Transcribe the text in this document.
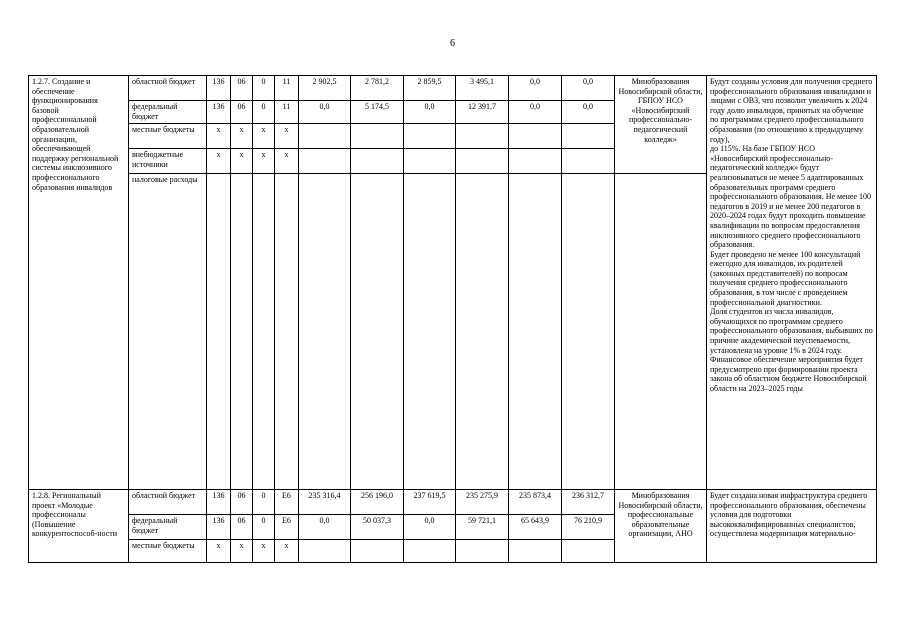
6
1.2.7. Создание и обеспечение функционирования базовой профессиональной образовательной организации, обеспечивающей поддержку региональной системы инклюзивного профессионального образования инвалидов	областной бюджет	136	06	0	11	2 902,5	2 781,2	2 859,5	3 495,1	0,0	0,0	Минобразования Новосибирской области, ГБПОУ НСО «Новосибирский профессионально-педагогический колледж»	Будут созданы условия для получения среднего профессионального образования инвалидами и лицами с ОВЗ, что позволит увеличить к 2024 году долю инвалидов, принятых на обучение по программам среднего профессионального образования (по отношению к предыдущему году),
до 115%. На базе ГБПОУ НСО «Новосибирский профессионально-педагогический колледж» будут реализовываться не менее 5 адаптированных образовательных программ среднего профессионального образования. Не менее 100 педагогов в 2019 и не менее 200 педагогов в 2020–2024 годах будут проходить повышение квалификации по вопросам предоставления инклюзивного среднего профессионального образования.
Будет проведено не менее 100 консультаций ежегодно для инвалидов, их родителей (законных представителей) по вопросам получения среднего профессионального образования, в том числе с проведением профессиональной диагностики.
Доля студентов из числа инвалидов, обучающихся по программам среднего профессионального образования, выбывших по причине академической неуспеваемости, установлена на уровне 1% в 2024 году. Финансовое обеспечение мероприятия будет предусмотрено при формировании проекта закона об областном бюджете Новосибирской области на 2023–2025 годы
	федеральный бюджет	136	06	0	11	0,0	5 174,5	0,0	12 391,7	0,0	0,0		
	местные бюджеты	x	x	x	x								
	внебюджетные источники	x	x	x	x								
	налоговые расходы												
1.2.8. Региональный проект «Молодые профессионалы (Повышение конкурентоспособ-ности	областной бюджет	136	06	0	E6	235 316,4	256 196,0	237 619,5	235 275,9	235 873,4	236 312,7	Минобразования Новосибирской области, профессиональные образовательные организации, АНО	Будет создана новая инфраструктура среднего профессионального образования, обеспечены условия для подготовки высококвалифицированных специалистов, осуществлена модернизация материально-
	федеральный бюджет	136	06	0	E6	0,0	50 037,3	0,0	59 721,1	65 643,9	76 210,9		
	местные бюджеты	x	x	x	x								
